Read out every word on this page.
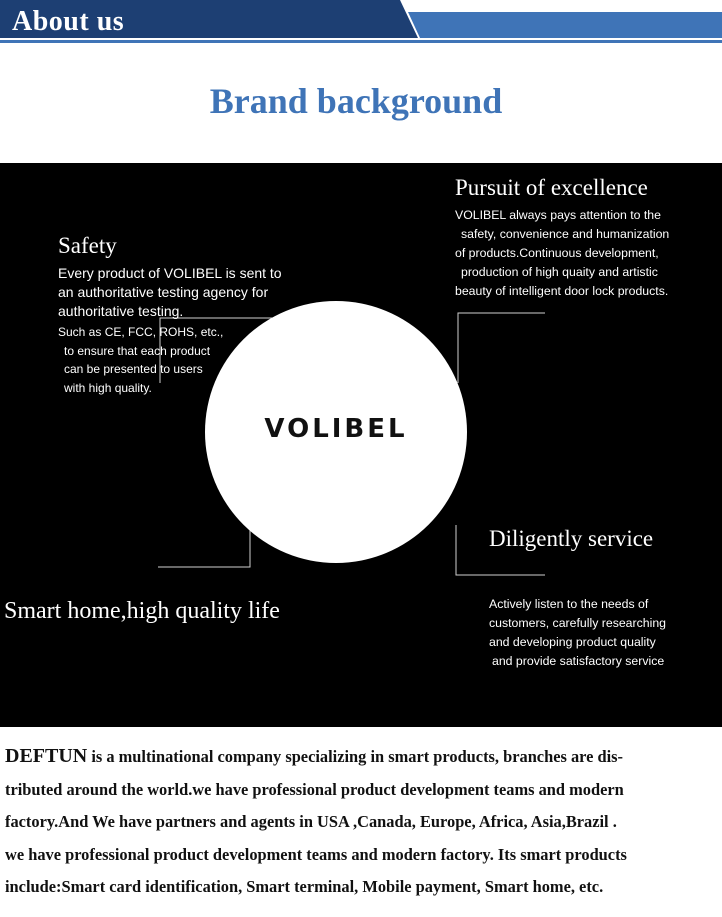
About us
Brand background
VOLIBEL
Safety
Every product of VOLIBEL is sent to
an authoritative testing agency for
authoritative testing.
Such as CE, FCC, ROHS, etc.,
to ensure that each product
can be presented to users
with high quality.
Pursuit of excellence
VOLIBEL always pays attention to the
safety, convenience and humanization
of products.Continuous development,
production of high quaity and artistic
beauty of intelligent door lock products.
Diligently service
Actively listen to the needs of
customers, carefully researching
and developing product quality
and provide satisfactory service
Smart home,high quality life
DEFTUN is a multinational company specializing in smart products, branches are dis-
tributed around the world.we have professional product development teams and modern
factory.And We have partners and agents in USA ,Canada, Europe, Africa, Asia,Brazil .
we have professional product development teams and modern factory. Its smart products
include:Smart card identification, Smart terminal, Mobile payment, Smart home, etc.
